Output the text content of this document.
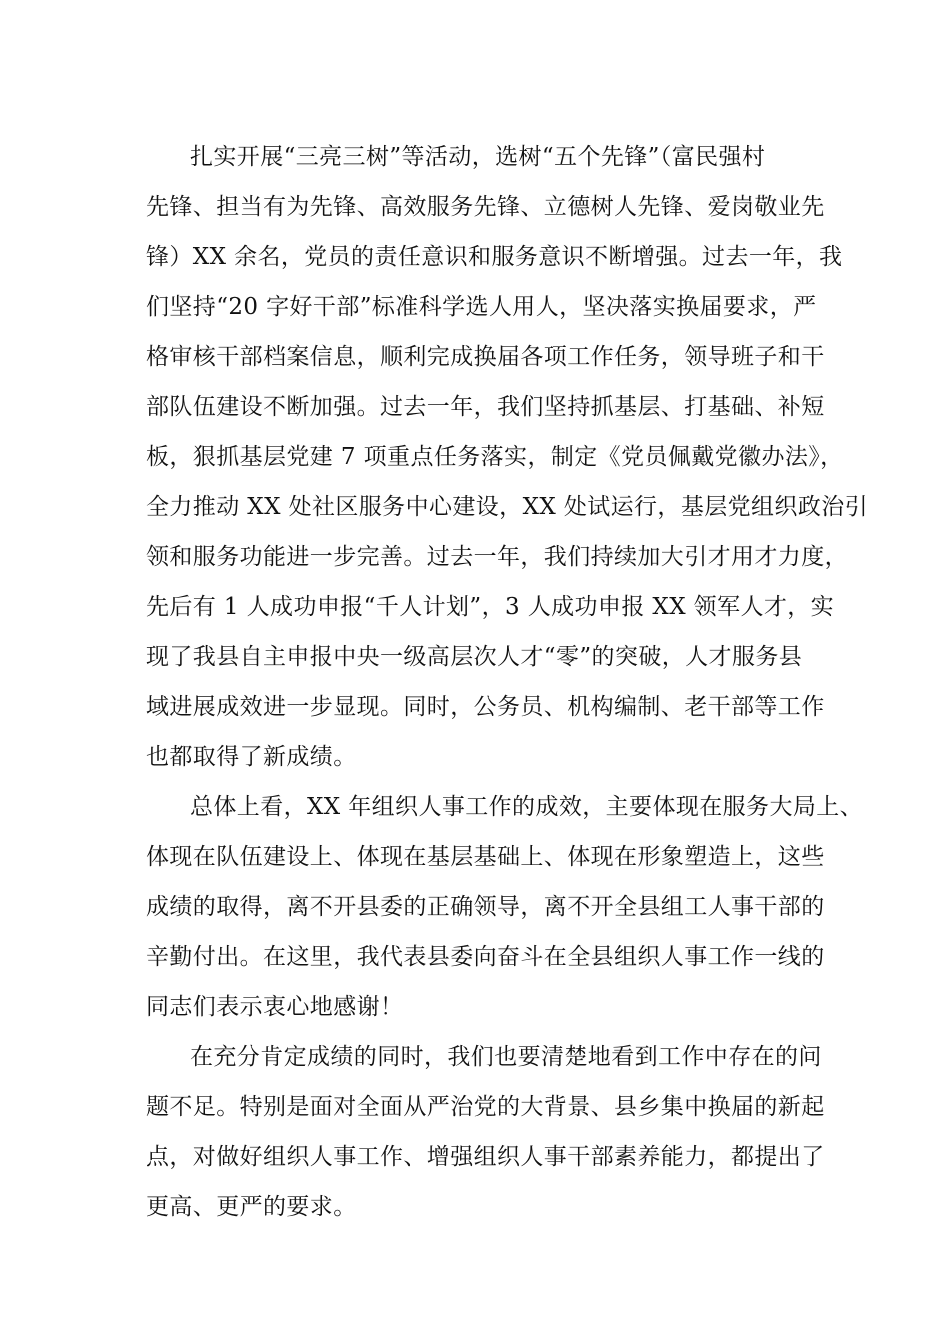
扎实开展“三亮三树”等活动，选树“五个先锋”（富民强村
先锋、担当有为先锋、高效服务先锋、立德树人先锋、爱岗敬业先
锋）XX 余名，党员的责任意识和服务意识不断增强。过去一年，我
们坚持“20 字好干部”标准科学选人用人，坚决落实换届要求，严
格审核干部档案信息，顺利完成换届各项工作任务，领导班子和干
部队伍建设不断加强。过去一年，我们坚持抓基层、打基础、补短
板，狠抓基层党建 7 项重点任务落实，制定《党员佩戴党徽办法》，
全力推动 XX 处社区服务中心建设，XX 处试运行，基层党组织政治引
领和服务功能进一步完善。过去一年，我们持续加大引才用才力度，
先后有 1 人成功申报“千人计划”，3 人成功申报 XX 领军人才，实
现了我县自主申报中央一级高层次人才“零”的突破，人才服务县
域进展成效进一步显现。同时，公务员、机构编制、老干部等工作
也都取得了新成绩。
总体上看，XX 年组织人事工作的成效，主要体现在服务大局上、
体现在队伍建设上、体现在基层基础上、体现在形象塑造上，这些
成绩的取得，离不开县委的正确领导，离不开全县组工人事干部的
辛勤付出。在这里，我代表县委向奋斗在全县组织人事工作一线的
同志们表示衷心地感谢！
在充分肯定成绩的同时，我们也要清楚地看到工作中存在的问
题不足。特别是面对全面从严治党的大背景、县乡集中换届的新起
点，对做好组织人事工作、增强组织人事干部素养能力，都提出了
更高、更严的要求。
